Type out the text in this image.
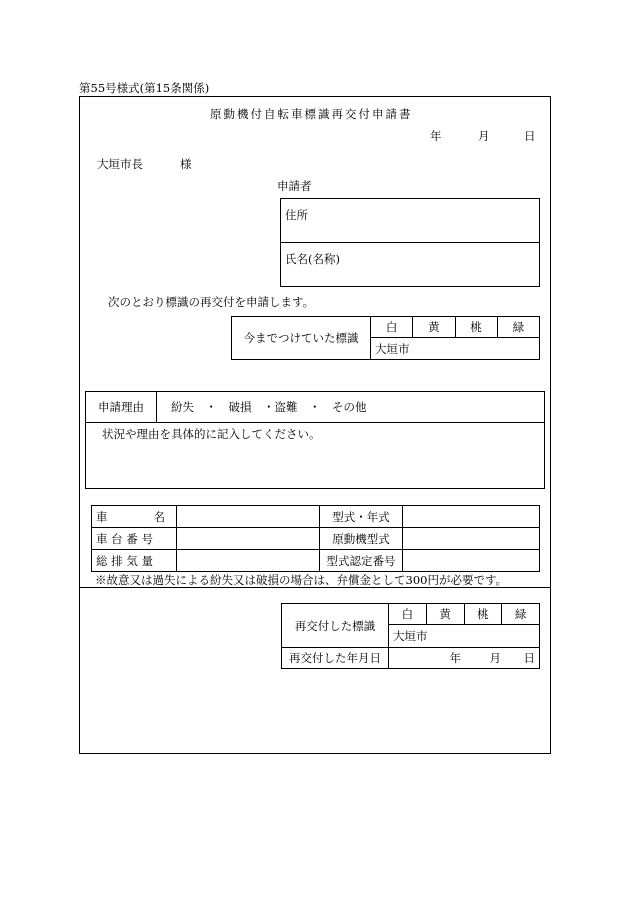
第55号様式(第15条関係)
原動機付自転車標識再交付申請書
年	月	日
大垣市長	様
申請者
住所
氏名(名称)
次のとおり標識の再交付を申請します。
今までつけていた標識	白	黄	桃	緑
大垣市
申請理由	紛失　・　破損　・盗難　・　その他
状況や理由を具体的に記入してください。
車　　　　名		型式・年式	
車 台 番 号		原動機型式	
総 排 気 量		型式認定番号	
※故意又は過失による紛失又は破損の場合は、弁償金として300円が必要です。
再交付した標識	白	黄	桃	緑
	大垣市			
再交付した年月日	年 月 日			
